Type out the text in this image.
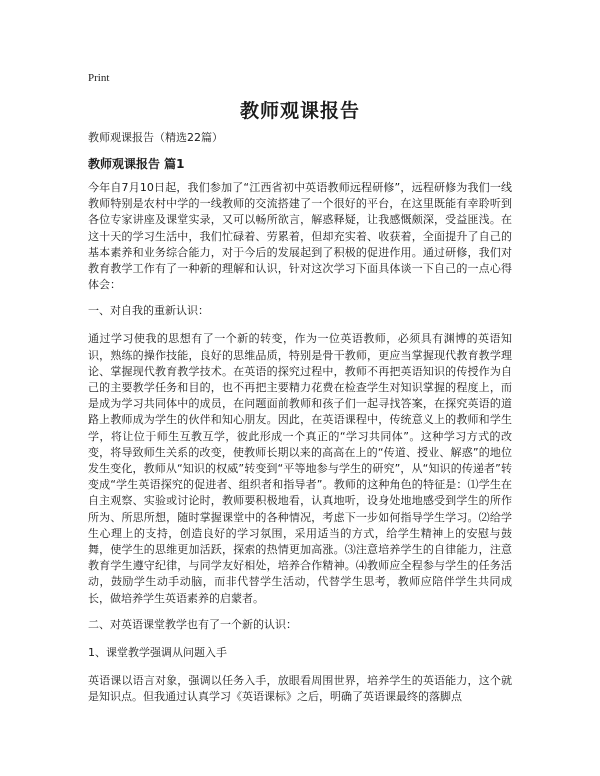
Print
教师观课报告
教师观课报告（精选22篇）
教师观课报告 篇1
今年自7月10日起，我们参加了“江西省初中英语教师远程研修”，远程研修为我们一线教师特别是农村中学的一线教师的交流搭建了一个很好的平台，在这里既能有幸聆听到各位专家讲座及课堂实录，又可以畅所欲言，解惑释疑，让我感慨颇深，受益匪浅。在这十天的学习生活中，我们忙碌着、劳累着，但却充实着、收获着，全面提升了自己的基本素养和业务综合能力，对于今后的发展起到了积极的促进作用。通过研修，我们对教育教学工作有了一种新的理解和认识，针对这次学习下面具体谈一下自己的一点心得体会：
一、对自我的重新认识：
通过学习使我的思想有了一个新的转变，作为一位英语教师，必须具有渊博的英语知识，熟练的操作技能，良好的思维品质，特别是骨干教师，更应当掌握现代教育教学理论、掌握现代教育教学技术。在英语的探究过程中，教师不再把英语知识的传授作为自己的主要教学任务和目的，也不再把主要精力花费在检查学生对知识掌握的程度上，而是成为学习共同体中的成员，在问题面前教师和孩子们一起寻找答案，在探究英语的道路上教师成为学生的伙伴和知心朋友。因此，在英语课程中，传统意义上的教师和学生学，将让位于师生互教互学，彼此形成一个真正的“学习共同体”。这种学习方式的改变，将导致师生关系的改变，使教师长期以来的高高在上的“传道、授业、解惑”的地位发生变化，教师从“知识的权威”转变到“平等地参与学生的研究”，从“知识的传递者”转变成“学生英语探究的促进者、组织者和指导者”。教师的这种角色的特征是：⑴学生在自主观察、实验或讨论时，教师要积极地看，认真地听，设身处地地感受到学生的所作所为、所思所想，随时掌握课堂中的各种情况，考虑下一步如何指导学生学习。⑵给学生心理上的支持，创造良好的学习氛围，采用适当的方式，给学生精神上的安慰与鼓舞，使学生的思维更加活跃，探索的热情更加高涨。⑶注意培养学生的自律能力，注意教育学生遵守纪律，与同学友好相处，培养合作精神。⑷教师应全程参与学生的任务活动，鼓励学生动手动脑，而非代替学生活动，代替学生思考，教师应陪伴学生共同成长，做培养学生英语素养的启蒙者。
二、对英语课堂教学也有了一个新的认识：
1、课堂教学强调从问题入手
英语课以语言对象，强调以任务入手，放眼看周围世界，培养学生的英语能力，这个就是知识点。但我通过认真学习《英语课标》之后，明确了英语课最终的落脚点
